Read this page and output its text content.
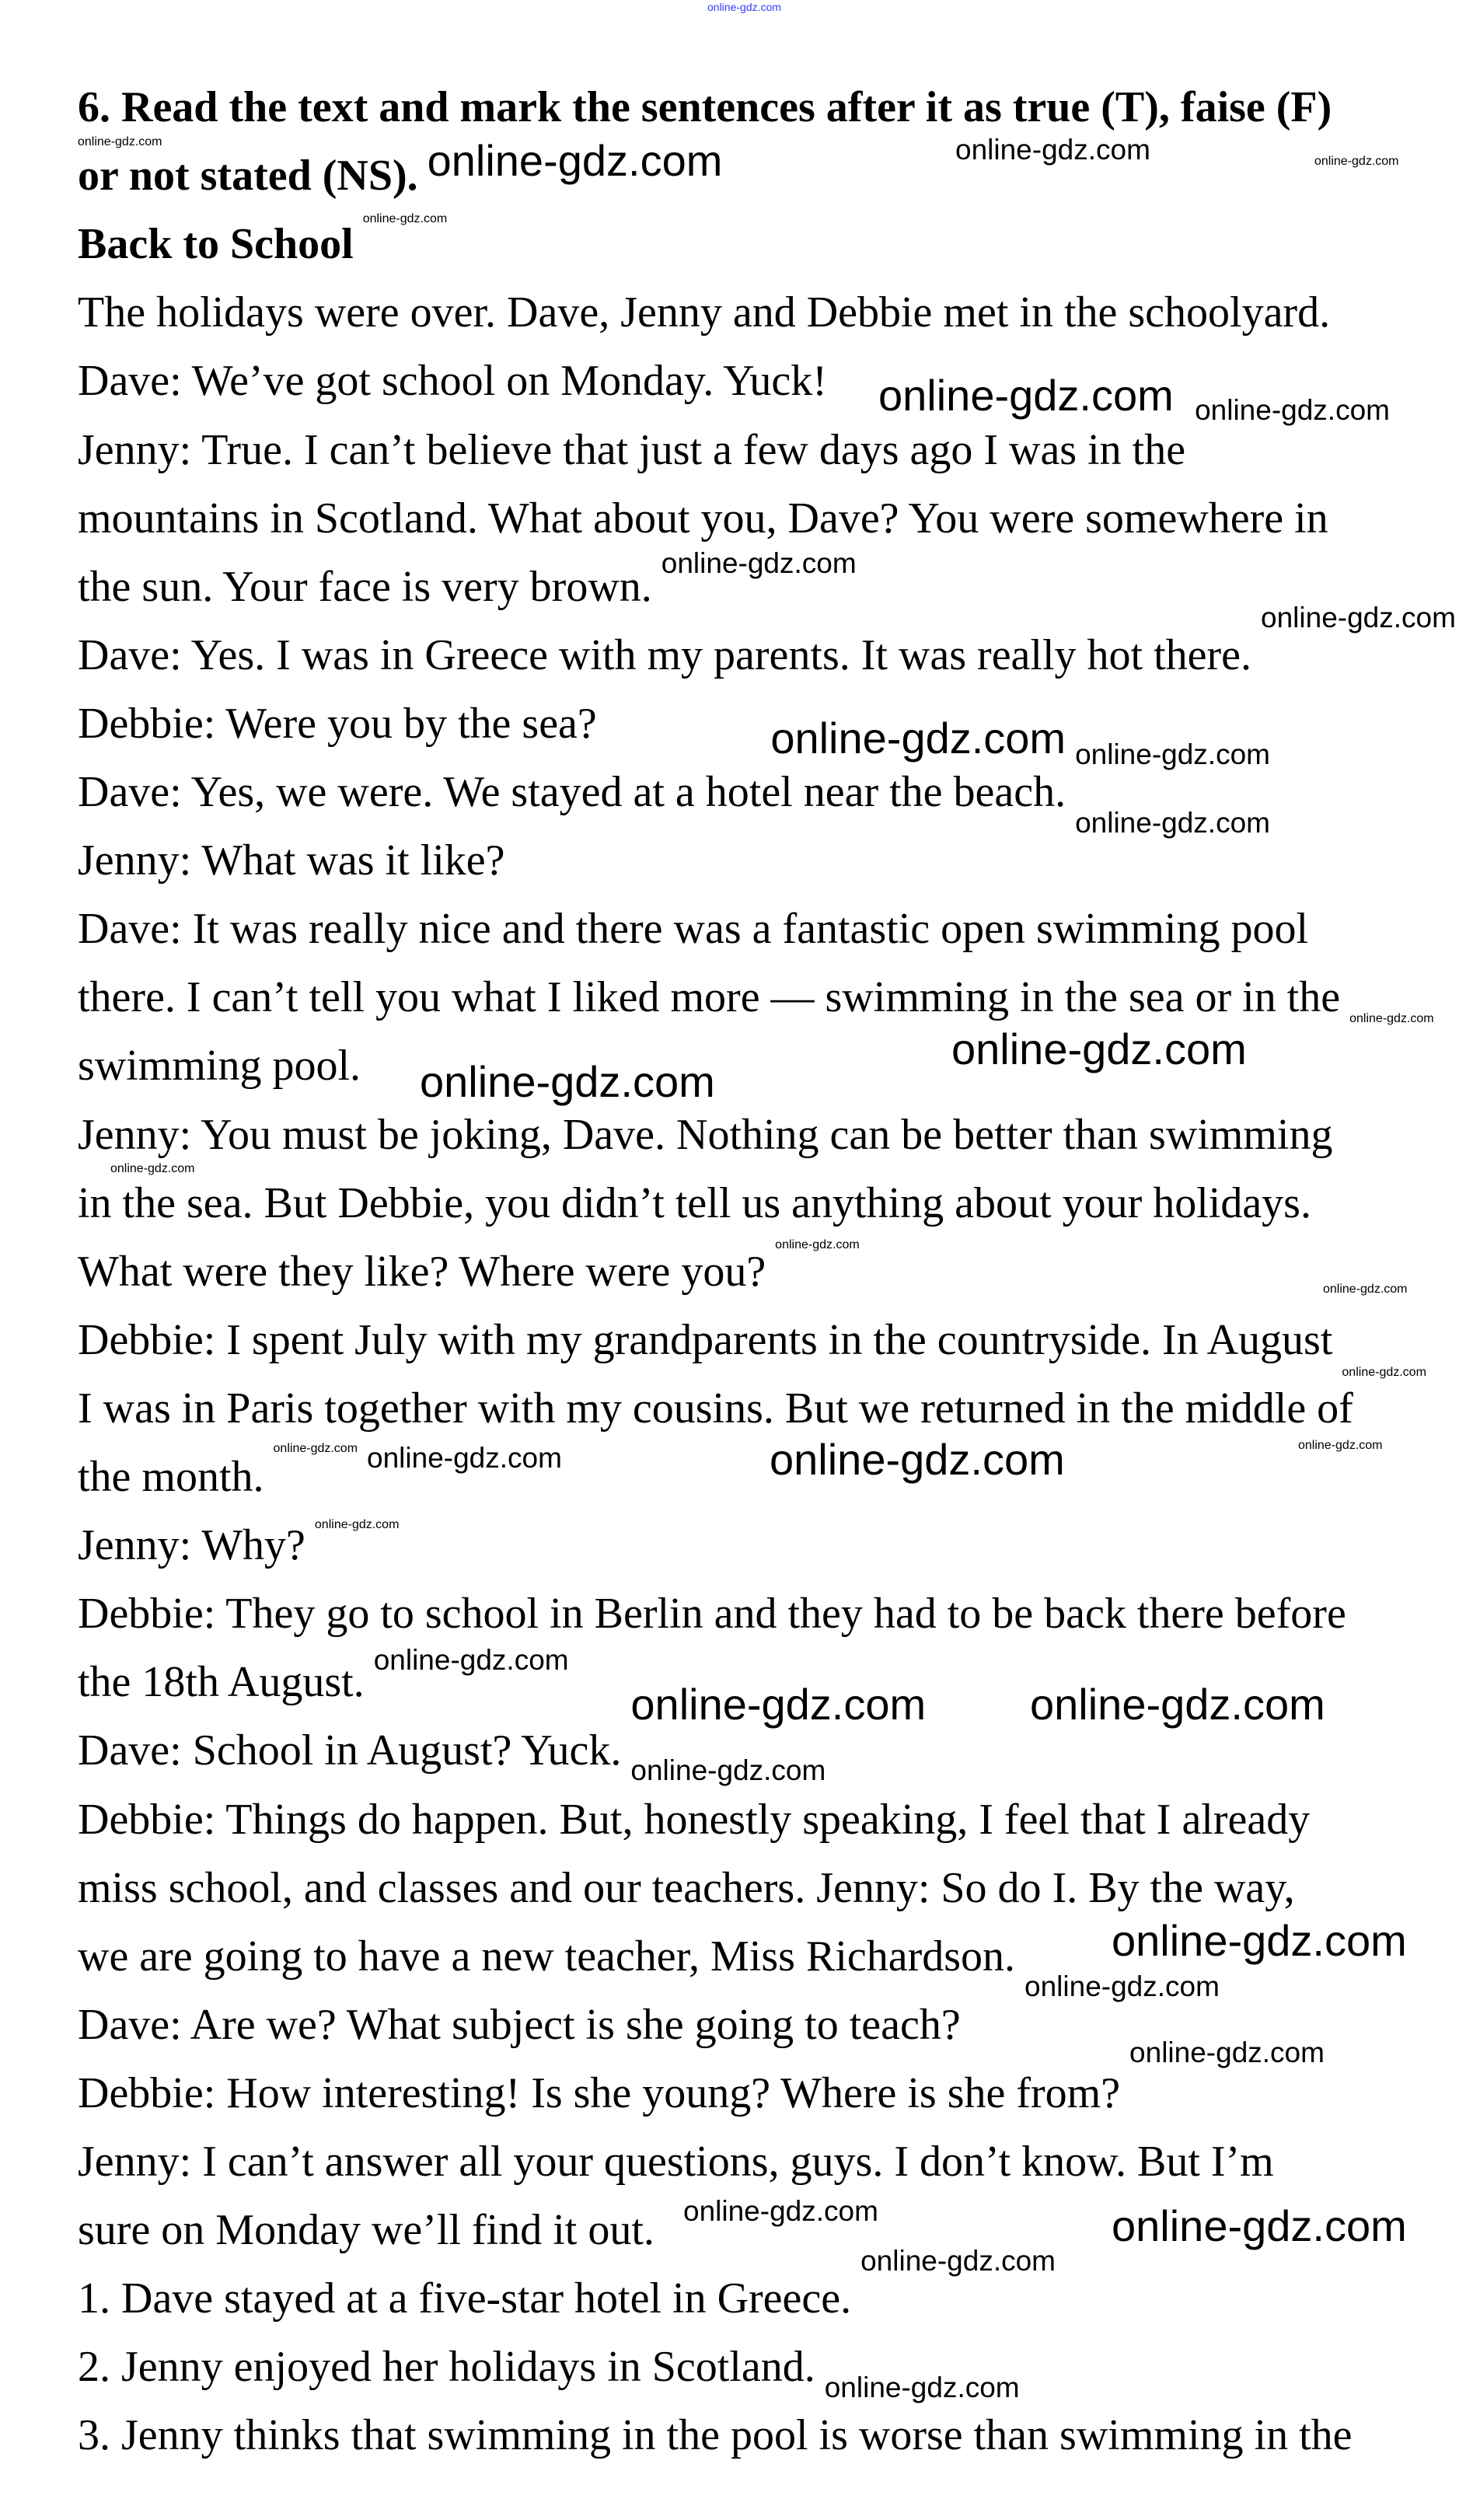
6. Read the text and mark the sentences after it as true (T), faise (F)
or not stated (NS).
Back to School
The holidays were over. Dave, Jenny and Debbie met in the schoolyard.
Dave: We’ve got school on Monday. Yuck!
Jenny: True. I can’t believe that just a few days ago I was in the
mountains in Scotland. What about you, Dave? You were somewhere in
the sun. Your face is very brown.
Dave: Yes. I was in Greece with my parents. It was really hot there.
Debbie: Were you by the sea?
Dave: Yes, we were. We stayed at a hotel near the beach.
Jenny: What was it like?
Dave: It was really nice and there was a fantastic open swimming pool
there. I can’t tell you what I liked more — swimming in the sea or in the
swimming pool.
Jenny: You must be joking, Dave. Nothing can be better than swimming
in the sea. But Debbie, you didn’t tell us anything about your holidays.
What were they like? Where were you?
Debbie: I spent July with my grandparents in the countryside. In August
I was in Paris together with my cousins. But we returned in the middle of
the month.
Jenny: Why?
Debbie: They go to school in Berlin and they had to be back there before
the 18th August.
Dave: School in August? Yuck.
Debbie: Things do happen. But, honestly speaking, I feel that I already
miss school, and classes and our teachers. Jenny: So do I. By the way,
we are going to have a new teacher, Miss Richardson.
Dave: Are we? What subject is she going to teach?
Debbie: How interesting! Is she young? Where is she from?
Jenny: I can’t answer all your questions, guys. I don’t know. But I’m
sure on Monday we’ll find it out.
1. Dave stayed at a five-star hotel in Greece.
2. Jenny enjoyed her holidays in Scotland.
3. Jenny thinks that swimming in the pool is worse than swimming in the
online-gdz.com
online-gdz.com
online-gdz.com
online-gdz.com
online-gdz.com
online-gdz.com
online-gdz.com
online-gdz.com
online-gdz.com
online-gdz.com	online-gdz.com
online-gdz.com
online-gdz.com
online-gdz.com
online-gdz.com
online-gdz.com
online-gdz.com
online-gdz.com
online-gdz.com
online-gdz.com
online-gdz.com
online-gdz.com
online-gdz.com
online-gdz.com
online-gdz.com
online-gdz.com
online-gdz.com
online-gdz.com
online-gdz.com
online-gdz.com
online-gdz.com
online-gdz.com
online-gdz.com online-gdz.com
online-gdz.com
online-gdz.com
